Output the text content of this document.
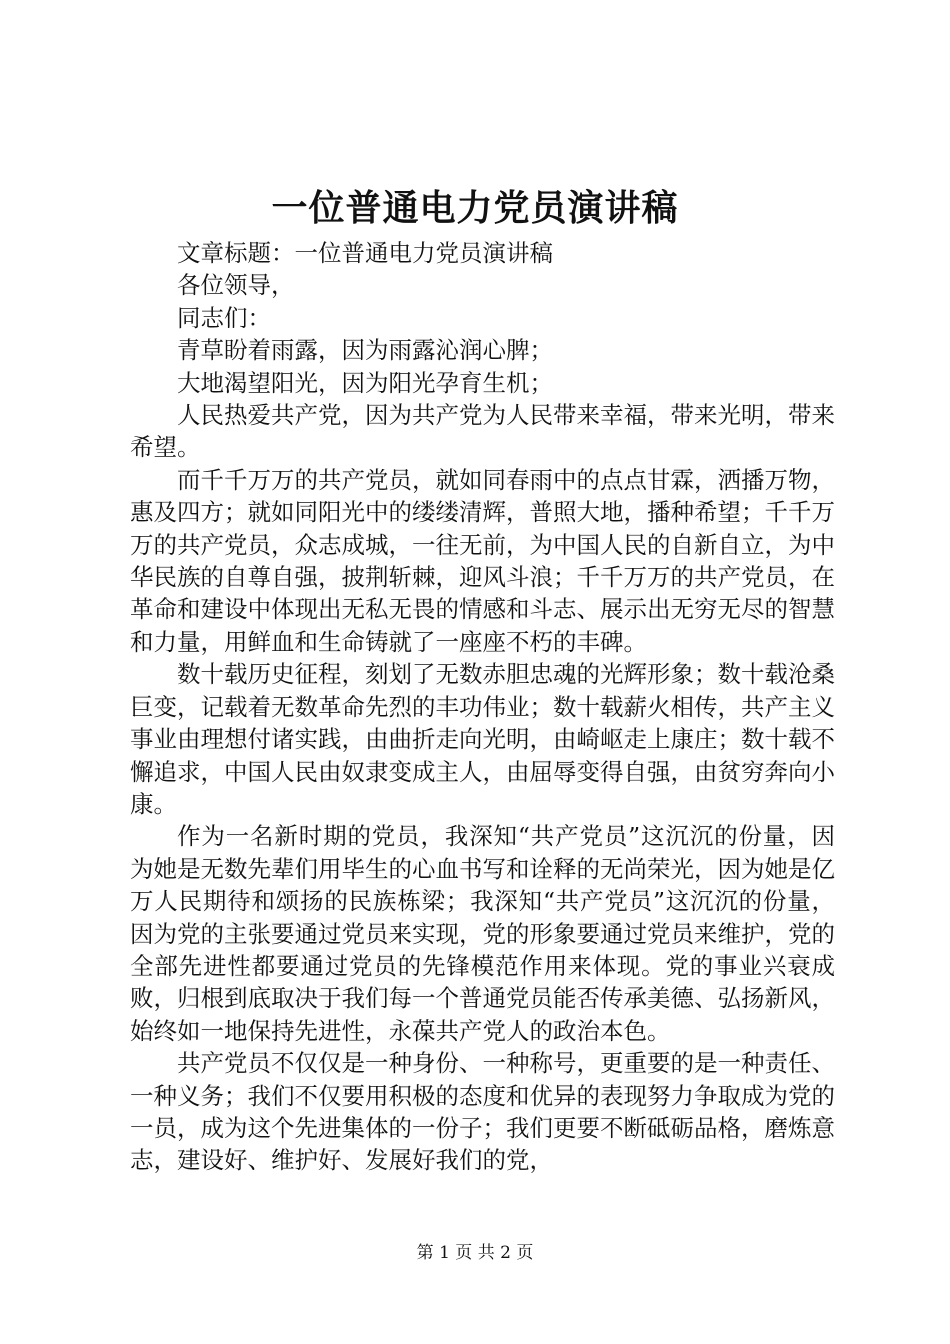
一位普通电力党员演讲稿

文章标题：一位普通电力党员演讲稿

各位领导，

同志们：

青草盼着雨露，因为雨露沁润心脾；

大地渴望阳光，因为阳光孕育生机；

人民热爱共产党，因为共产党为人民带来幸福，带来光明，带来希望。

而千千万万的共产党员，就如同春雨中的点点甘霖，洒播万物，惠及四方；就如同阳光中的缕缕清辉，普照大地，播种希望；千千万万的共产党员，众志成城，一往无前，为中国人民的自新自立，为中华民族的自尊自强，披荆斩棘，迎风斗浪；千千万万的共产党员，在革命和建设中体现出无私无畏的情感和斗志、展示出无穷无尽的智慧和力量，用鲜血和生命铸就了一座座不朽的丰碑。

数十载历史征程，刻划了无数赤胆忠魂的光辉形象；数十载沧桑巨变，记载着无数革命先烈的丰功伟业；数十载薪火相传，共产主义事业由理想付诸实践，由曲折走向光明，由崎岖走上康庄；数十载不懈追求，中国人民由奴隶变成主人，由屈辱变得自强，由贫穷奔向小康。

作为一名新时期的党员，我深知“共产党员”这沉沉的份量，因为她是无数先辈们用毕生的心血书写和诠释的无尚荣光，因为她是亿万人民期待和颂扬的民族栋梁；我深知“共产党员”这沉沉的份量，因为党的主张要通过党员来实现，党的形象要通过党员来维护，党的全部先进性都要通过党员的先锋模范作用来体现。党的事业兴衰成败，归根到底取决于我们每一个普通党员能否传承美德、弘扬新风，始终如一地保持先进性，永葆共产党人的政治本色。

共产党员不仅仅是一种身份、一种称号，更重要的是一种责任、一种义务；我们不仅要用积极的态度和优异的表现努力争取成为党的一员，成为这个先进集体的一份子；我们更要不断砥砺品格，磨炼意志，建设好、维护好、发展好我们的党，

第 1 页 共 2 页
